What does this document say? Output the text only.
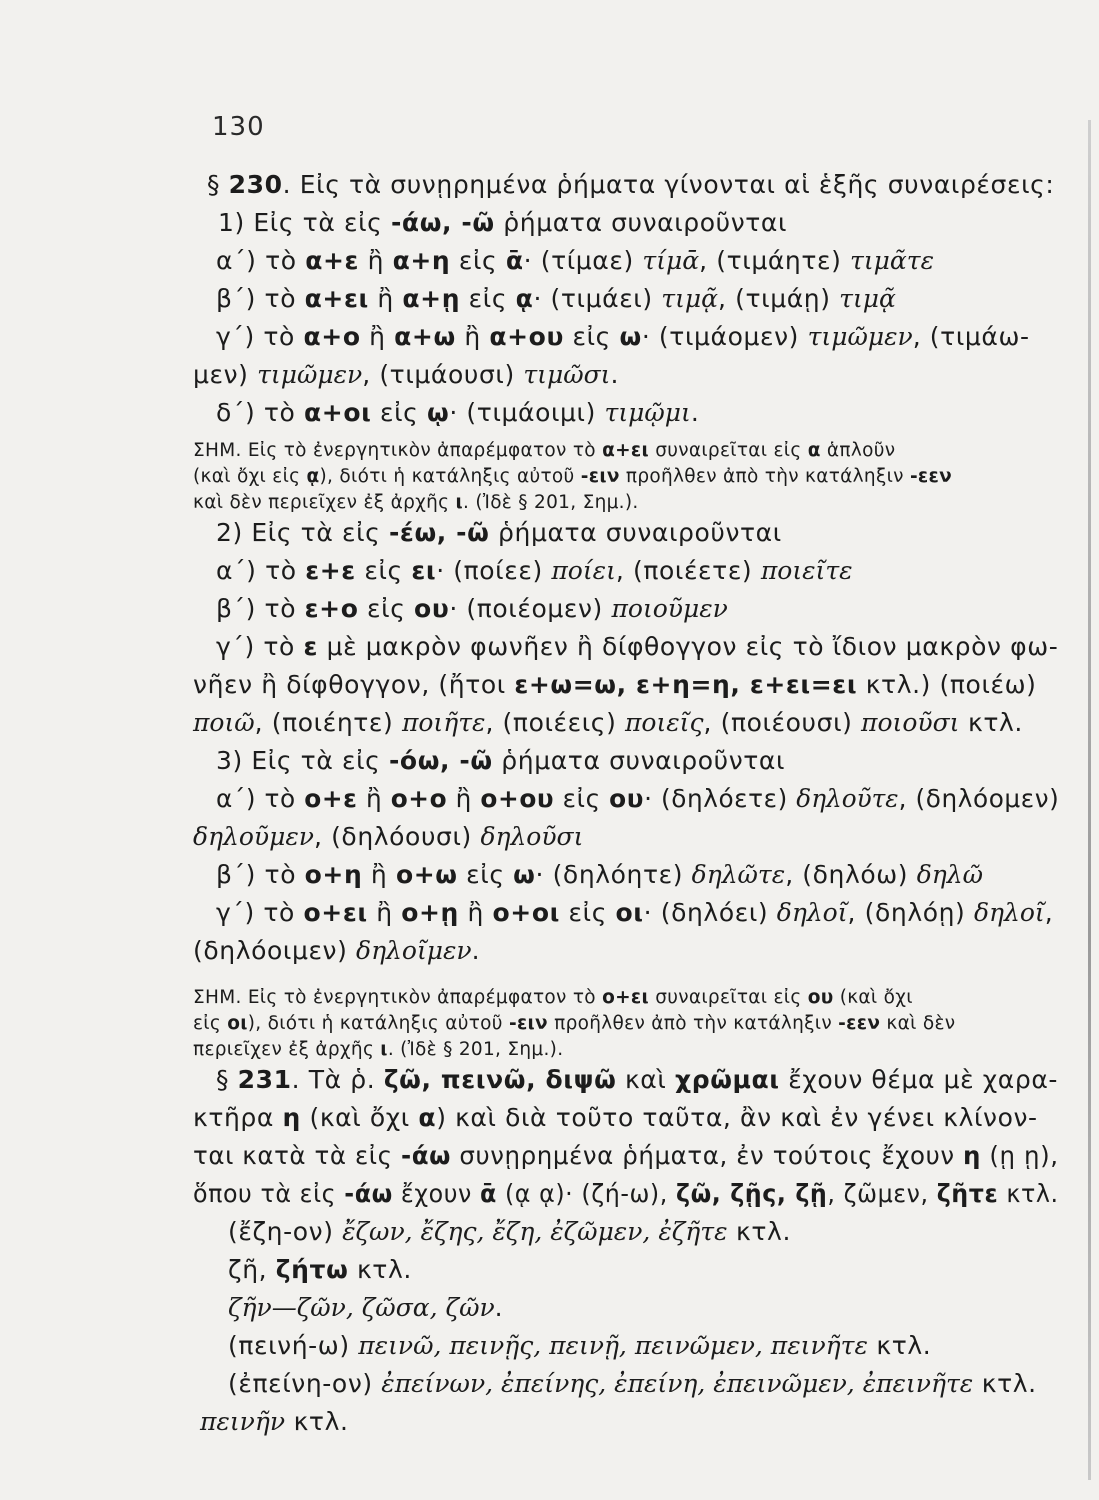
130
§ 230. Εἰς τὰ συνῃρημένα ῥήματα γίνονται αἱ ἑξῆς συναιρέσεις:
1) Εἰς τὰ εἰς -άω, -ῶ ῥήματα συναιροῦνται
α΄) τὸ α+ε ἢ α+η εἰς ᾱ· (τίμαε) τίμᾱ, (τιμάητε) τιμᾶτε
β΄) τὸ α+ει ἢ α+ῃ εἰς ᾳ· (τιμάει) τιμᾷ, (τιμάῃ) τιμᾷ
γ΄) τὸ α+ο ἢ α+ω ἢ α+ου εἰς ω· (τιμάομεν) τιμῶμεν, (τιμάω-
μεν) τιμῶμεν, (τιμάουσι) τιμῶσι.
δ΄) τὸ α+οι εἰς ῳ· (τιμάοιμι) τιμῷμι.
ΣΗΜ. Εἰς τὸ ἐνεργητικὸν ἀπαρέμφατον τὸ α+ει συναιρεῖται εἰς α ἁπλοῦν
(καὶ ὄχι εἰς ᾳ), διότι ἡ κατάληξις αὐτοῦ -ειν προῆλθεν ἀπὸ τὴν κατάληξιν -εεν
καὶ δὲν περιεῖχεν ἐξ ἀρχῆς ι. (Ἰδὲ § 201, Σημ.).
2) Εἰς τὰ εἰς -έω, -ῶ ῥήματα συναιροῦνται
α΄) τὸ ε+ε εἰς ει· (ποίεε) ποίει, (ποιέετε) ποιεῖτε
β΄) τὸ ε+ο εἰς ου· (ποιέομεν) ποιοῦμεν
γ΄) τὸ ε μὲ μακρὸν φωνῆεν ἢ δίφθογγον εἰς τὸ ἴδιον μακρὸν φω-
νῆεν ἢ δίφθογγον, (ἤτοι ε+ω=ω, ε+η=η, ε+ει=ει κτλ.) (ποιέω)
ποιῶ, (ποιέητε) ποιῆτε, (ποιέεις) ποιεῖς, (ποιέουσι) ποιοῦσι κτλ.
3) Εἰς τὰ εἰς -όω, -ῶ ῥήματα συναιροῦνται
α΄) τὸ ο+ε ἢ ο+ο ἢ ο+ου εἰς ου· (δηλόετε) δηλοῦτε, (δηλόομεν)
δηλοῦμεν, (δηλόουσι) δηλοῦσι
β΄) τὸ ο+η ἢ ο+ω εἰς ω· (δηλόητε) δηλῶτε, (δηλόω) δηλῶ
γ΄) τὸ ο+ει ἢ ο+ῃ ἢ ο+οι εἰς οι· (δηλόει) δηλοῖ, (δηλόῃ) δηλοῖ,
(δηλόοιμεν) δηλοῖμεν.
ΣΗΜ. Εἰς τὸ ἐνεργητικὸν ἀπαρέμφατον τὸ ο+ει συναιρεῖται εἰς ου (καὶ ὄχι
εἰς οι), διότι ἡ κατάληξις αὐτοῦ -ειν προῆλθεν ἀπὸ τὴν κατάληξιν -εεν καὶ δὲν
περιεῖχεν ἐξ ἀρχῆς ι. (Ἰδὲ § 201, Σημ.).
§ 231. Τὰ ῥ. ζῶ, πεινῶ, διψῶ καὶ χρῶμαι ἔχουν θέμα μὲ χαρα-
κτῆρα η (καὶ ὄχι α) καὶ διὰ τοῦτο ταῦτα, ἂν καὶ ἐν γένει κλίνον-
ται κατὰ τὰ εἰς -άω συνῃρημένα ῥήματα, ἐν τούτοις ἔχουν η (ῃ ῃ),
ὅπου τὰ εἰς -άω ἔχουν ᾱ (ᾳ ᾳ)· (ζή-ω), ζῶ, ζῇς, ζῇ, ζῶμεν, ζῆτε κτλ.
(ἔζη-ον) ἔζων, ἔζης, ἔζη, ἐζῶμεν, ἐζῆτε κτλ.
ζῆ, ζήτω κτλ.
ζῆν—ζῶν, ζῶσα, ζῶν.
(πεινή-ω) πεινῶ, πεινῇς, πεινῇ, πεινῶμεν, πεινῆτε κτλ.
(ἐπείνη-ον) ἐπείνων, ἐπείνης, ἐπείνη, ἐπεινῶμεν, ἐπεινῆτε κτλ.
πεινῆν κτλ.
